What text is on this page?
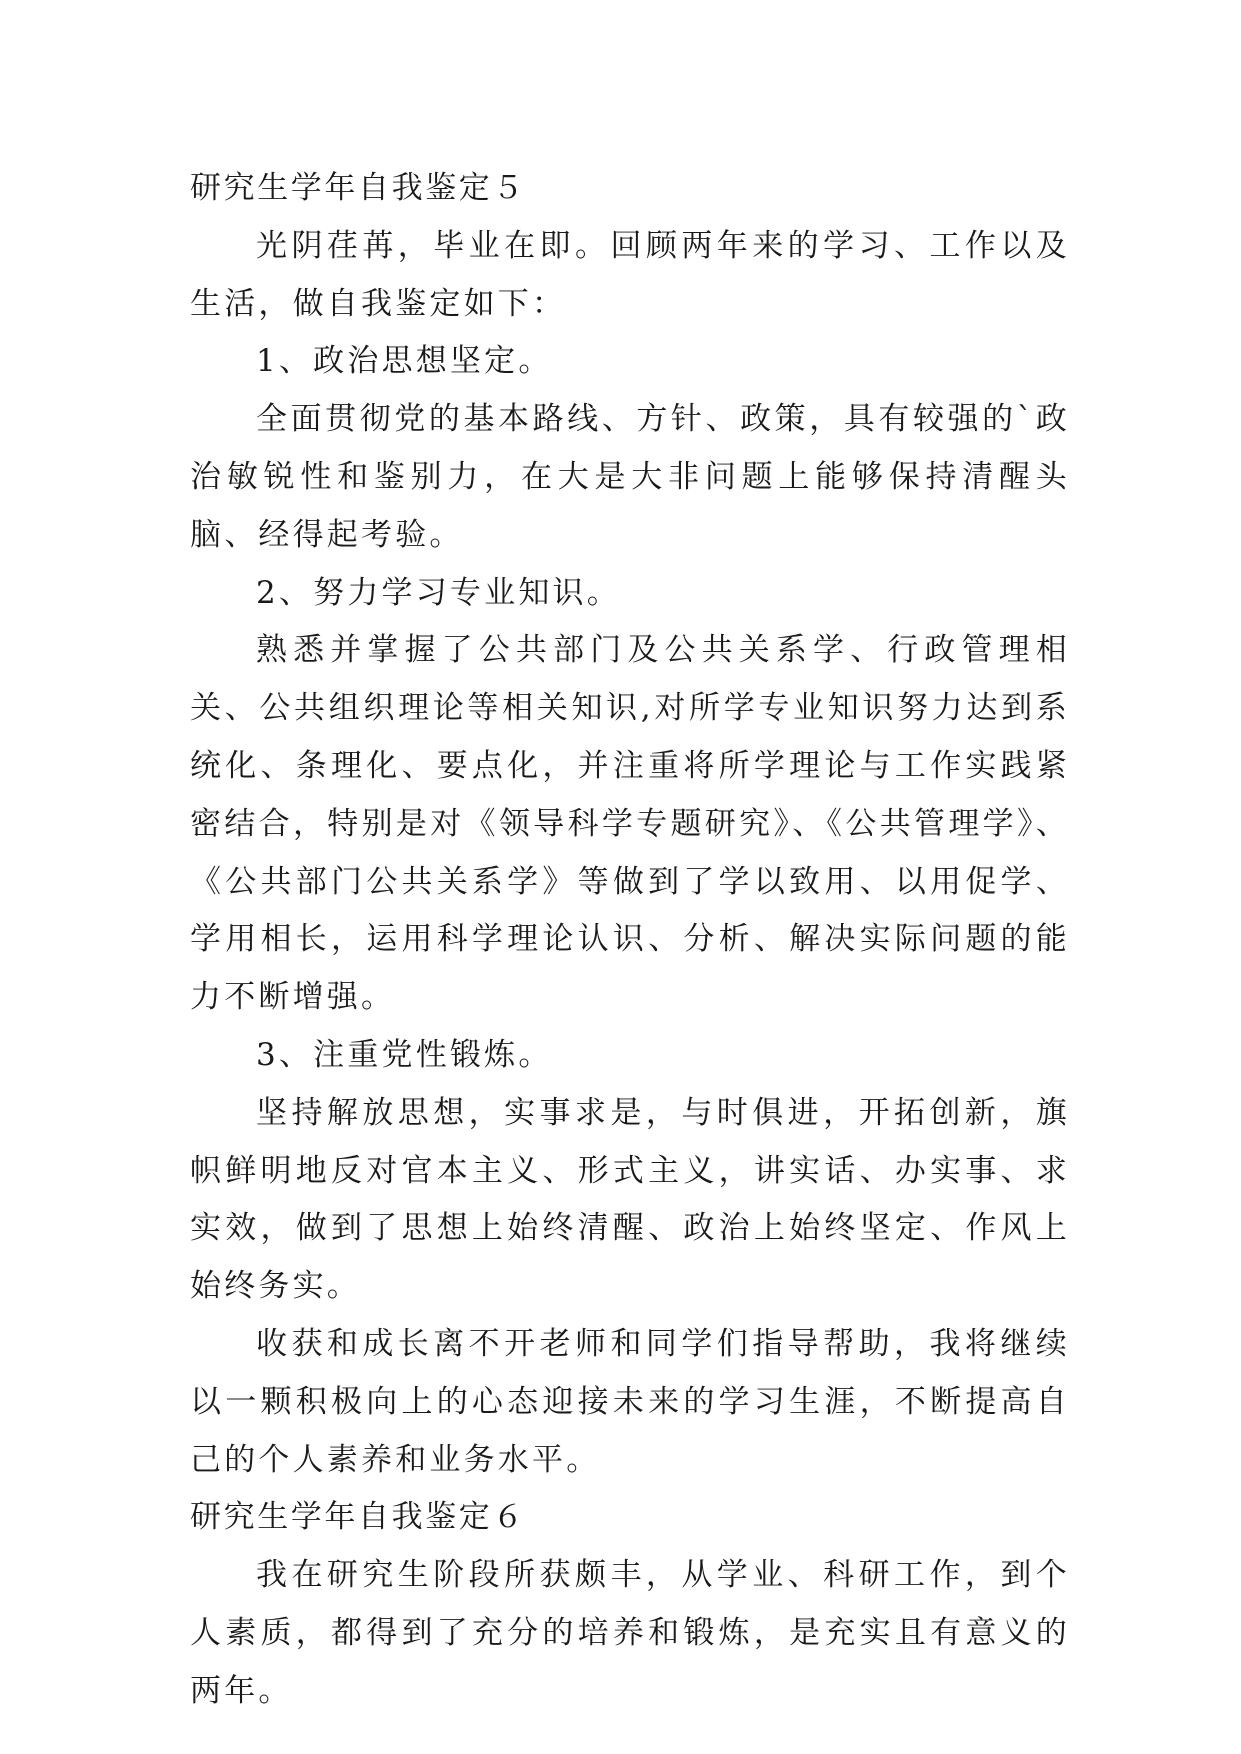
研究生学年自我鉴定５

光阴荏苒，毕业在即。回顾两年来的学习、工作以及生活，做自我鉴定如下：

1、政治思想坚定。

全面贯彻党的基本路线、方针、政策，具有较强的`政治敏锐性和鉴别力，在大是大非问题上能够保持清醒头脑、经得起考验。

2、努力学习专业知识。

熟悉并掌握了公共部门及公共关系学、行政管理相关、公共组织理论等相关知识,对所学专业知识努力达到系统化、条理化、要点化，并注重将所学理论与工作实践紧密结合，特别是对《领导科学专题研究》、《公共管理学》、《公共部门公共关系学》等做到了学以致用、以用促学、学用相长，运用科学理论认识、分析、解决实际问题的能力不断增强。

3、注重党性锻炼。

坚持解放思想，实事求是，与时俱进，开拓创新，旗帜鲜明地反对官本主义、形式主义，讲实话、办实事、求实效，做到了思想上始终清醒、政治上始终坚定、作风上始终务实。

收获和成长离不开老师和同学们指导帮助，我将继续以一颗积极向上的心态迎接未来的学习生涯，不断提高自己的个人素养和业务水平。

研究生学年自我鉴定６

我在研究生阶段所获颇丰，从学业、科研工作，到个人素质，都得到了充分的培养和锻炼，是充实且有意义的两年。
